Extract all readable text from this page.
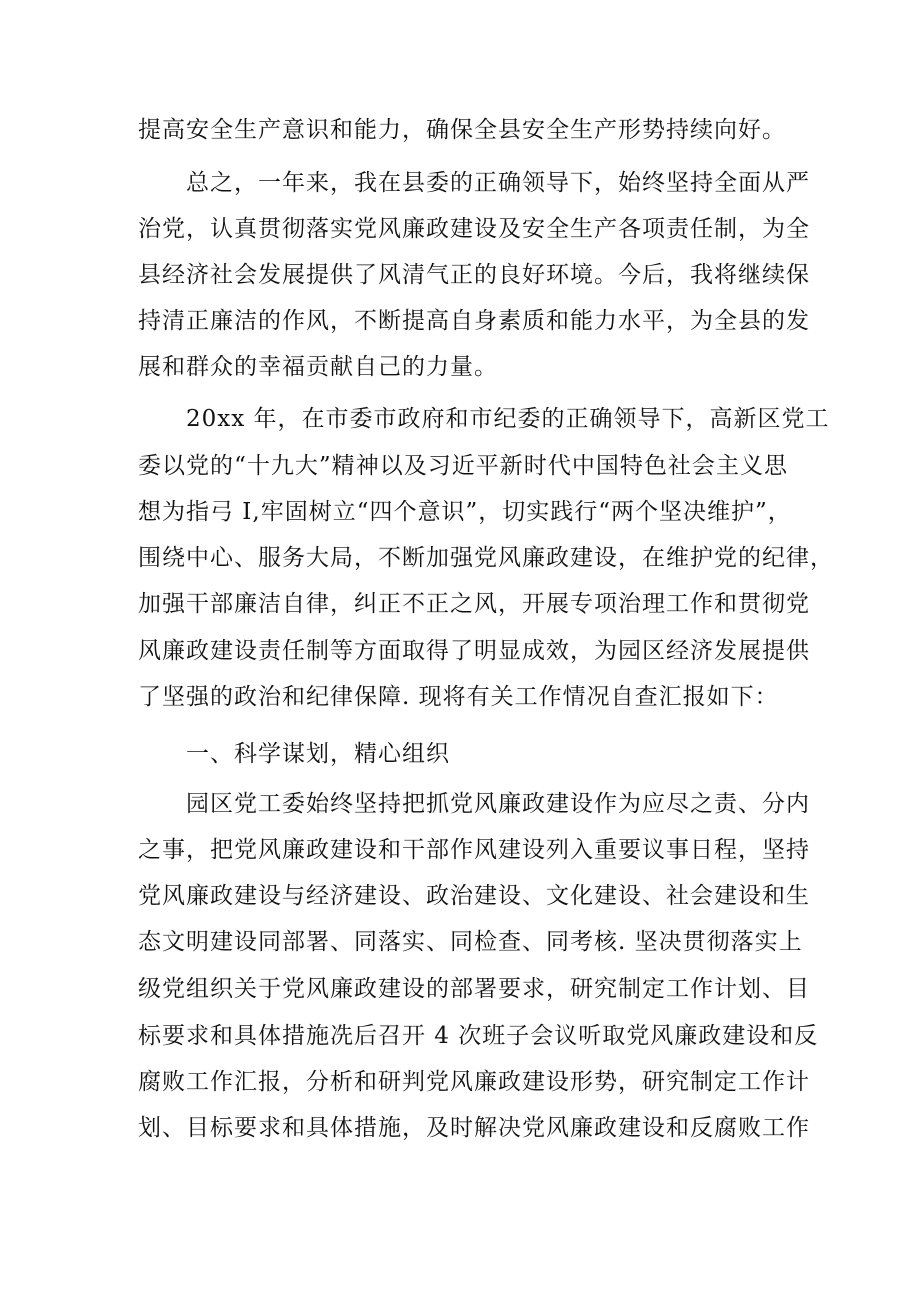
提高安全生产意识和能力，确保全县安全生产形势持续向好。
总之，一年来，我在县委的正确领导下，始终坚持全面从严
治党，认真贯彻落实党风廉政建设及安全生产各项责任制，为全
县经济社会发展提供了风清气正的良好环境。今后，我将继续保
持清正廉洁的作风，不断提高自身素质和能力水平，为全县的发
展和群众的幸福贡献自己的力量。
20xx 年，在市委市政府和市纪委的正确领导下，高新区党工
委以党的“十九大”精神以及习近平新时代中国特色社会主义思
想为指弓 I,牢固树立“四个意识”，切实践行“两个坚决维护”，
围绕中心、服务大局，不断加强党风廉政建设，在维护党的纪律，
加强干部廉洁自律，纠正不正之风，开展专项治理工作和贯彻党
风廉政建设责任制等方面取得了明显成效，为园区经济发展提供
了坚强的政治和纪律保障. 现将有关工作情况自查汇报如下：
一、科学谋划，精心组织
园区党工委始终坚持把抓党风廉政建设作为应尽之责、分内
之事，把党风廉政建设和干部作风建设列入重要议事日程，坚持
党风廉政建设与经济建设、政治建设、文化建设、社会建设和生
态文明建设同部署、同落实、同检查、同考核. 坚决贯彻落实上
级党组织关于党风廉政建设的部署要求，研究制定工作计划、目
标要求和具体措施冼后召开 4 次班子会议听取党风廉政建设和反
腐败工作汇报，分析和研判党风廉政建设形势，研究制定工作计
划、目标要求和具体措施，及时解决党风廉政建设和反腐败工作
